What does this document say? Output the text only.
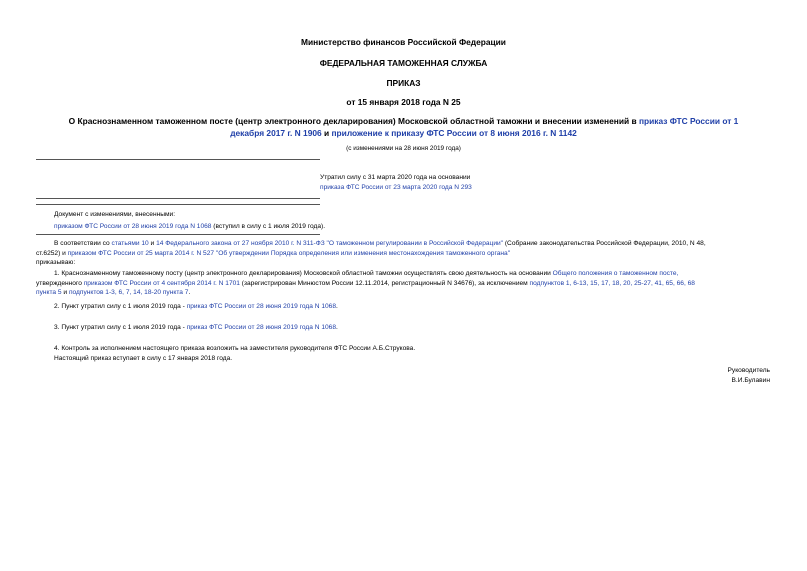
Министерство финансов Российской Федерации
ФЕДЕРАЛЬНАЯ ТАМОЖЕННАЯ СЛУЖБА
ПРИКАЗ
от 15 января 2018 года N 25
О Краснознаменном таможенном посте (центр электронного декларирования) Московской областной таможни и внесении изменений в приказ ФТС России от 1
декабря 2017 г. N 1906 и приложение к приказу ФТС России от 8 июня 2016 г. N 1142
(с изменениями на 28 июня 2019 года)
Утратил силу с 31 марта 2020 года на основании
приказа ФТС России от 23 марта 2020 года N 293
Документ с изменениями, внесенными:
приказом ФТС России от 28 июня 2019 года N 1068 (вступил в силу с 1 июля 2019 года).
В соответствии со статьями 10 и 14 Федерального закона от 27 ноября 2010 г. N 311-ФЗ "О таможенном регулировании в Российской Федерации" (Собрание законодательства Российской Федерации, 2010, N 48,
ст.6252) и приказом ФТС России от 25 марта 2014 г. N 527 "Об утверждении Порядка определения или изменения местонахождения таможенного органа"
приказываю:
1. Краснознаменному таможенному посту (центр электронного декларирования) Московской областной таможни осуществлять свою деятельность на основании Общего положения о таможенном посте,
утвержденного приказом ФТС России от 4 сентября 2014 г. N 1701 (зарегистрирован Минюстом России 12.11.2014, регистрационный N 34676), за исключением подпунктов 1, 6-13, 15, 17, 18, 20, 25-27, 41, 65, 66, 68
пункта 5 и подпунктов 1-3, 6, 7, 14, 18-20 пункта 7.
2. Пункт утратил силу с 1 июля 2019 года - приказ ФТС России от 28 июня 2019 года N 1068.
3. Пункт утратил силу с 1 июля 2019 года - приказ ФТС России от 28 июня 2019 года N 1068.
4. Контроль за исполнением настоящего приказа возложить на заместителя руководителя ФТС России А.Б.Струкова.
Настоящий приказ вступает в силу с 17 января 2018 года.
Руководитель
В.И.Булавин
